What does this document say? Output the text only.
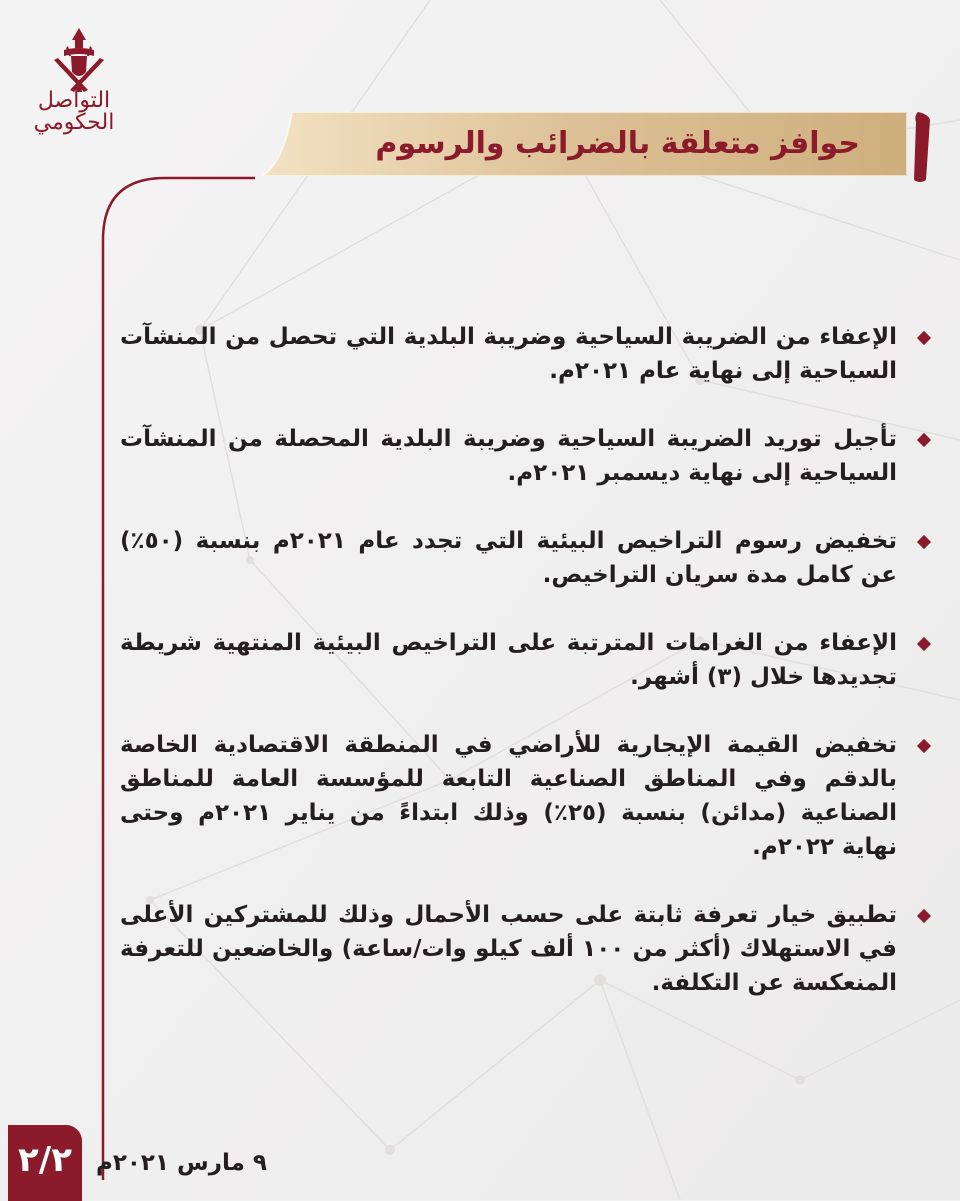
التواصل
الحكومي
حوافز متعلقة بالضرائب والرسوم
الإعفاء من الضريبة السياحية وضريبة البلدية التي تحصل من المنشآت السياحية إلى نهاية عام ٢٠٢١م.
تأجيل توريد الضريبة السياحية وضريبة البلدية المحصلة من المنشآت السياحية إلى نهاية ديسمبر ٢٠٢١م.
تخفيض رسوم التراخيص البيئية التي تجدد عام ٢٠٢١م بنسبة (٥٠٪) عن كامل مدة سريان التراخيص.
الإعفاء من الغرامات المترتبة على التراخيص البيئية المنتهية شريطة تجديدها خلال (٣) أشهر.
تخفيض القيمة الإيجارية للأراضي في المنطقة الاقتصادية الخاصة بالدقم وفي المناطق الصناعية التابعة للمؤسسة العامة للمناطق الصناعية (مدائن) بنسبة (٢٥٪) وذلك ابتداءً من يناير ٢٠٢١م وحتى نهاية ٢٠٢٢م.
تطبيق خيار تعرفة ثابتة على حسب الأحمال وذلك للمشتركين الأعلى في الاستهلاك (أكثر من ١٠٠ ألف كيلو وات/ساعة) والخاضعين للتعرفة المنعكسة عن التكلفة.
٩ مارس ٢٠٢١م
٢/٢
